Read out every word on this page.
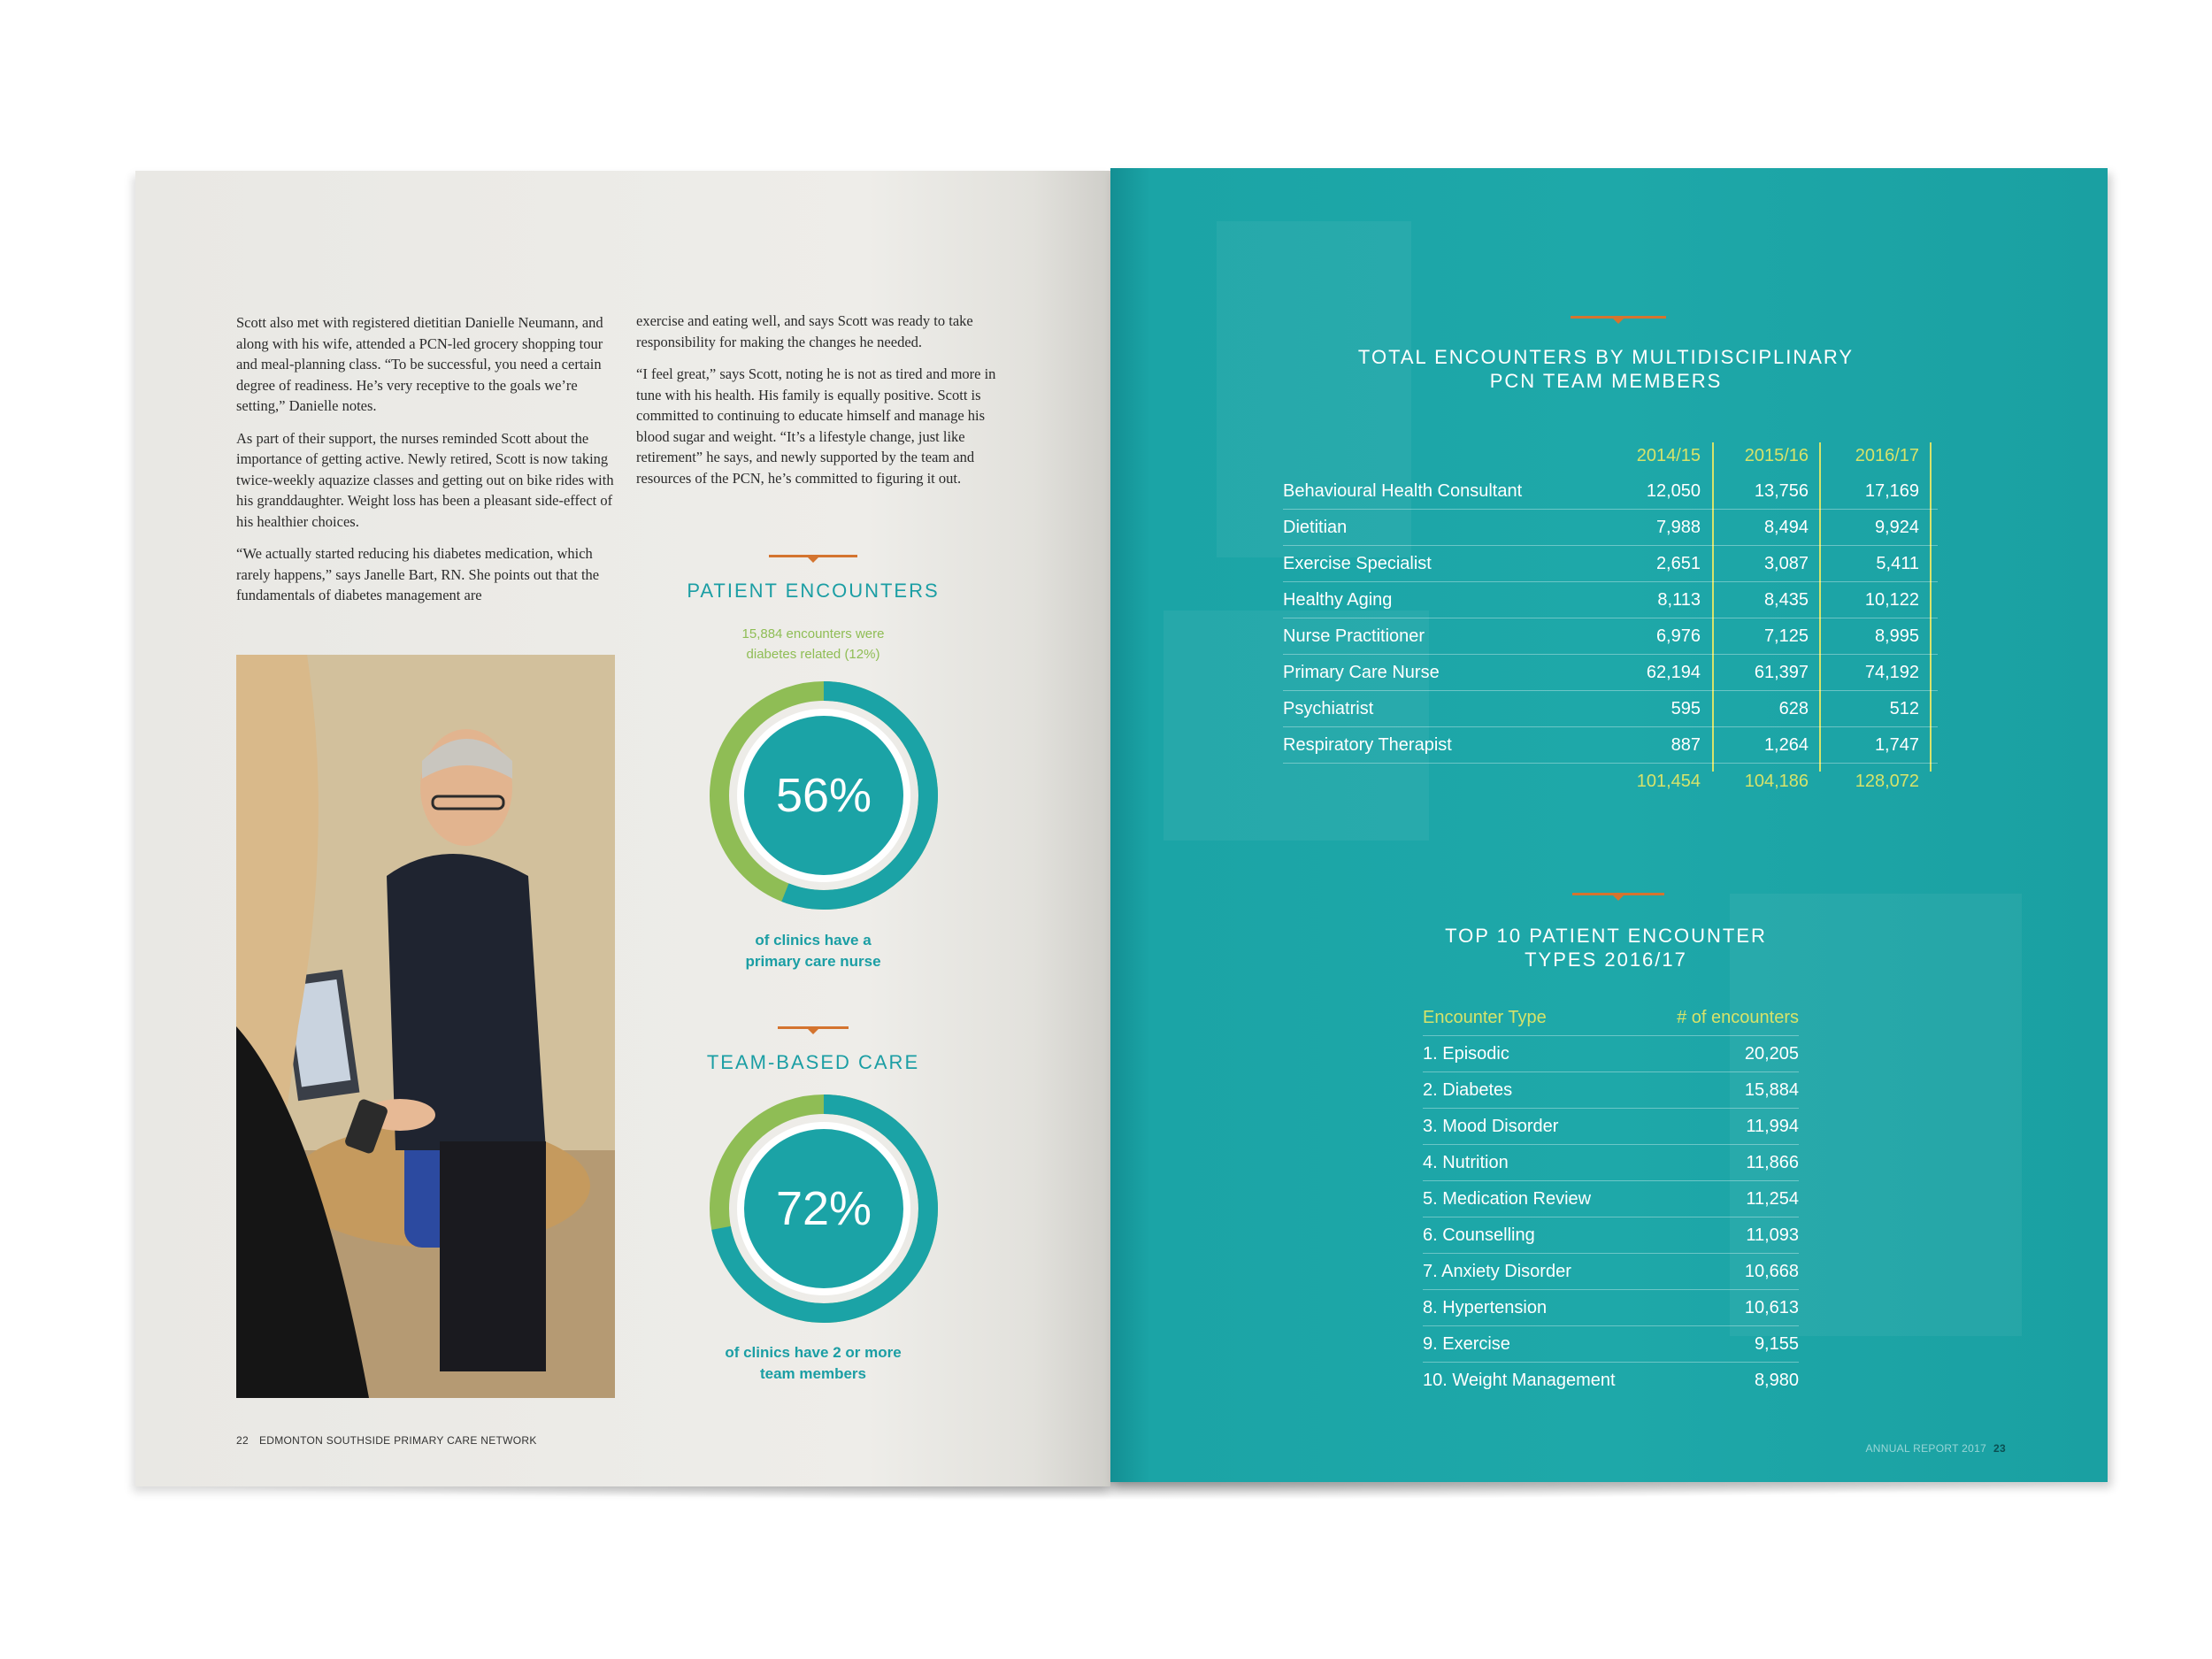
Scott also met with registered dietitian Danielle Neumann, and along with his wife, attended a PCN-led grocery shopping tour and meal-planning class. “To be successful, you need a certain degree of readiness. He’s very receptive to the goals we’re setting,” Danielle notes.

As part of their support, the nurses reminded Scott about the importance of getting active. Newly retired, Scott is now taking twice-weekly aquazize classes and getting out on bike rides with his granddaughter. Weight loss has been a pleasant side-effect of his healthier choices.

“We actually started reducing his diabetes medication, which rarely happens,” says Janelle Bart, RN. She points out that the fundamentals of diabetes management are

exercise and eating well, and says Scott was ready to take responsibility for making the changes he needed.

“I feel great,” says Scott, noting he is not as tired and more in tune with his health. His family is equally positive. Scott is committed to continuing to educate himself and manage his blood sugar and weight. “It’s a lifestyle change, just like retirement” he says, and newly supported by the team and resources of the PCN, he’s committed to figuring it out.

PATIENT ENCOUNTERS
15,884 encounters were
diabetes related (12%)
56%
of clinics have a
primary care nurse
TEAM-BASED CARE
72%
of clinics have 2 or more
team members
22 EDMONTON SOUTHSIDE PRIMARY CARE NETWORK
TOTAL ENCOUNTERS BY MULTIDISCIPLINARY
PCN TEAM MEMBERS
2014/15	2015/16	2016/17
Behavioural Health Consultant	12,050	13,756	17,169
Dietitian	7,988	8,494	9,924
Exercise Specialist	2,651	3,087	5,411
Healthy Aging	8,113	8,435	10,122
Nurse Practitioner	6,976	7,125	8,995
Primary Care Nurse	62,194	61,397	74,192
Psychiatrist	595	628	512
Respiratory Therapist	887	1,264	1,747
101,454	104,186	128,072
TOP 10 PATIENT ENCOUNTER
TYPES 2016/17
Encounter Type	# of encounters
1. Episodic	20,205
2. Diabetes	15,884
3. Mood Disorder	11,994
4. Nutrition	11,866
5. Medication Review	11,254
6. Counselling	11,093
7. Anxiety Disorder	10,668
8. Hypertension	10,613
9. Exercise	9,155
10. Weight Management	8,980
ANNUAL REPORT 2017 23
